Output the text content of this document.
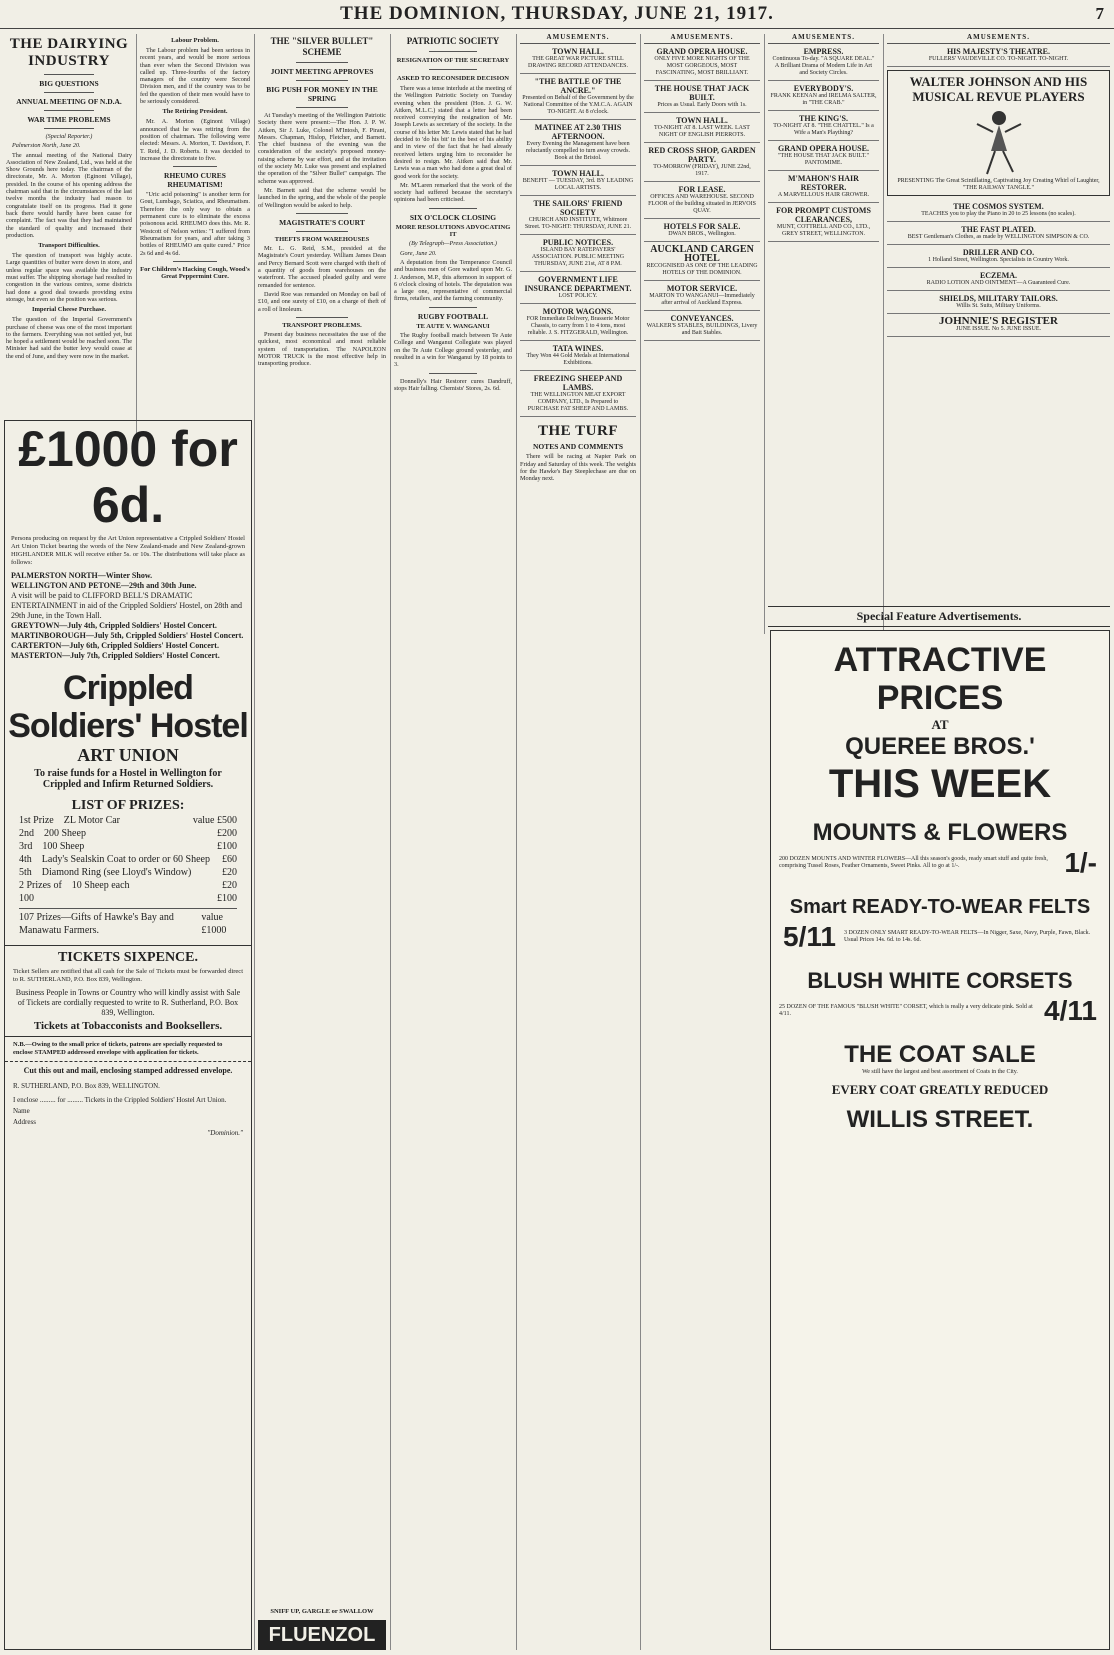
THE DOMINION, THURSDAY, JUNE 21, 1917.	7
THE DAIRYING INDUSTRY
BIG QUESTIONS
ANNUAL MEETING OF N.D.A.
WAR TIME PROBLEMS
(Special Reporter.)
Palmerston North, June 20.
The annual meeting of the National Dairy Association of New Zealand, Ltd., was held at the Show Grounds here today. The chairman of the directorate, Mr. A. Morton (Eginont Village), presided. In the course of his opening address the chairman said that in the circumstances of the last twelve months the industry had reason to congratulate itself on its progress. Had it gone back there would hardly have been cause for complaint. The fact was that they had maintained the standard of quality and increased their production.
Transport Difficulties.
The question of transport was highly acute. Large quantities of butter were down in store, and unless regular space was available the industry must suffer. The shipping shortage had resulted in congestion in the various centres, some districts had done a good deal towards providing extra storage, but even so the position was serious.
Imperial Cheese Purchase.
The question of the Imperial Government's purchase of cheese was one of the most important to the farmers. Everything was not settled yet, but he hoped a settlement would be reached soon. The Minister had said the butter levy would cease at the end of June, and they were now in the market.
Labour Problem.
The Labour problem had been serious in recent years, and would be more serious than ever when the Second Division was called up. Three-fourths of the factory managers of the country were Second Division men, and if the country was to be fed the question of their men would have to be seriously considered.
The Retiring President.
Mr. A. Morton (Eginont Village) announced that he was retiring from the position of chairman. The following were elected: Messrs. A. Morton, T. Davidson, F. T. Reid, J. D. Roberts. It was decided to increase the directorate to five.
RHEUMO CURES RHEUMATISM!
"Uric acid poisoning" is another term for Gout, Lumbago, Sciatica, and Rheumatism. Therefore the only way to obtain a permanent cure is to eliminate the excess poisonous acid. RHEUMO does this. Mr. R. Westcott of Nelson writes: "I suffered from Rheumatism for years, and after taking 3 bottles of RHEUMO am quite cured." Price 2s 6d and 4s 6d.
For Children's Hacking Cough, Wood's Great Peppermint Cure.
£1000 for 6d.
Persons producing on request by the Art Union representative a Crippled Soldiers' Hostel Art Union Ticket bearing the words of the New Zealand-made and New Zealand-grown HIGHLANDER MILK will receive either 5s. or 10s. The distributions will take place as follows:
PALMERSTON NORTH—Winter Show.
WELLINGTON AND PETONE—29th and 30th June.
A visit will be paid to CLIFFORD BELL'S DRAMATIC ENTERTAINMENT in aid of the Crippled Soldiers' Hostel, on 28th and 29th June, in the Town Hall.
GREYTOWN—July 4th, Crippled Soldiers' Hostel Concert.
MARTINBOROUGH—July 5th, Crippled Soldiers' Hostel Concert.
CARTERTON—July 6th, Crippled Soldiers' Hostel Concert.
MASTERTON—July 7th, Crippled Soldiers' Hostel Concert.
Crippled Soldiers' Hostel
ART UNION
To raise funds for a Hostel in Wellington for Crippled and Infirm Returned Soldiers.
LIST OF PRIZES:
1st Prize	ZL Motor Car	value £500
2nd	200 Sheep	£200
3rd	100 Sheep	£100
4th	Lady's Sealskin Coat to order or 60 Sheep	£60
5th	Diamond Ring (see Lloyd's Window)	£20
2 Prizes of	10 Sheep each	£20
100	£100
107 Prizes—Gifts of Hawke's Bay and Manawatu Farmers.
value £1000
TICKETS SIXPENCE.
Ticket Sellers are notified that all cash for the Sale of Tickets must be forwarded direct to R. SUTHERLAND, P.O. Box 839, Wellington.
Business People in Towns or Country who will kindly assist with Sale of Tickets are cordially requested to write to R. Sutherland, P.O. Box 839, Wellington.
Tickets at Tobacconists and Booksellers.
N.B.—Owing to the small price of tickets, patrons are specially requested to enclose STAMPED addressed envelope with application for tickets.
Cut this out and mail, enclosing stamped addressed envelope.
R. SUTHERLAND, P.O. Box 839, WELLINGTON.
I enclose ......... for ......... Tickets in the Crippled Soldiers' Hostel Art Union.
Name
Address
"Dominion."
THE "SILVER BULLET" SCHEME
JOINT MEETING APPROVES
BIG PUSH FOR MONEY IN THE SPRING
At Tuesday's meeting of the Wellington Patriotic Society there were present:—The Hon. J. P. W. Aitken, Sir J. Luke, Colonel M'Intosh, F. Pirani, Messrs. Chapman, Hislop, Fletcher, and Barnett. The chief business of the evening was the consideration of the society's proposed money-raising scheme by war effort, and at the invitation of the society Mr. Luke was present and explained the operation of the "Silver Bullet" campaign. The scheme was approved.
Mr. Barnett said that the scheme would be launched in the spring, and the whole of the people of Wellington would be asked to help.
MAGISTRATE'S COURT
THEFTS FROM WAREHOUSES
Mr. L. G. Reid, S.M., presided at the Magistrate's Court yesterday. William James Dean and Percy Bernard Scott were charged with theft of a quantity of goods from warehouses on the waterfront. The accused pleaded guilty and were remanded for sentence.
David Roe was remanded on Monday on bail of £10, and one surety of £10, on a charge of theft of a roll of linoleum.
TRANSPORT PROBLEMS.
Present day business necessitates the use of the quickest, most economical and most reliable system of transportation. The NAPOLEON MOTOR TRUCK is the most effective help in transporting produce.
SNIFF UP, GARGLE or SWALLOW
FLUENZOL
PATRIOTIC SOCIETY
RESIGNATION OF THE SECRETARY
ASKED TO RECONSIDER DECISION
There was a tense interlude at the meeting of the Wellington Patriotic Society on Tuesday evening when the president (Hon. J. G. W. Aitken, M.L.C.) stated that a letter had been received conveying the resignation of Mr. Joseph Lewis as secretary of the society. In the course of his letter Mr. Lewis stated that he had decided to 'do his bit' in the best of his ability and in view of the fact that he had already received letters urging him to reconsider he desired to resign. Mr. Aitken said that Mr. Lewis was a man who had done a great deal of good work for the society.
Mr. M'Laren remarked that the work of the society had suffered because the secretary's opinions had been criticised.
SIX O'CLOCK CLOSING
MORE RESOLUTIONS ADVOCATING IT
(By Telegraph—Press Association.)
Gore, June 20.
A deputation from the Temperance Council and business men of Gore waited upon Mr. G. J. Anderson, M.P., this afternoon in support of 6 o'clock closing of hotels. The deputation was a large one, representative of commercial firms, retailers, and the farming community.
RUGBY FOOTBALL
TE AUTE V. WANGANUI
The Rugby football match between Te Aute College and Wanganui Collegiate was played on the Te Aute College ground yesterday, and resulted in a win for Wanganui by 18 points to 3.
Donnelly's Hair Restorer cures Dandruff, stops Hair falling. Chemists' Stores, 2s. 6d.
AMUSEMENTS.
TOWN HALL.
THE GREAT WAR PICTURE STILL DRAWING RECORD ATTENDANCES.
"THE BATTLE OF THE ANCRE."
Presented on Behalf of the Government by the National Committee of the Y.M.C.A. AGAIN TO-NIGHT. At 8 o'clock.
MATINEE AT 2.30 THIS AFTERNOON.
Every Evening the Management have been reluctantly compelled to turn away crowds. Book at the Bristol.
TOWN HALL.
BENEFIT — TUESDAY, 3rd. BY LEADING LOCAL ARTISTS.
THE SAILORS' FRIEND SOCIETY
CHURCH AND INSTITUTE, Whitmore Street. TO-NIGHT: THURSDAY, JUNE 21.
PUBLIC NOTICES.
ISLAND BAY RATEPAYERS' ASSOCIATION. PUBLIC MEETING THURSDAY, JUNE 21st, AT 8 P.M.
GOVERNMENT LIFE INSURANCE DEPARTMENT.
LOST POLICY.
MOTOR WAGONS.
FOR Immediate Delivery, Brasserie Motor Chassis, to carry from 1 to 4 tons, most reliable. J. S. FITZGERALD, Wellington.
TATA WINES.
They Won 44 Gold Medals at International Exhibitions.
FREEZING SHEEP AND LAMBS.
THE WELLINGTON MEAT EXPORT COMPANY, LTD., Is Prepared to PURCHASE FAT SHEEP AND LAMBS.
THE TURF
NOTES AND COMMENTS
There will be racing at Napier Park on Friday and Saturday of this week. The weights for the Hawke's Bay Steeplechase are due on Monday next.
AMUSEMENTS.
GRAND OPERA HOUSE.
ONLY FIVE MORE NIGHTS OF THE MOST GORGEOUS, MOST FASCINATING, MOST BRILLIANT.
THE HOUSE THAT JACK BUILT.
Prices as Usual. Early Doors with 1s.
TOWN HALL.
TO-NIGHT AT 8. LAST WEEK. LAST NIGHT OF ENGLISH PIERROTS.
RED CROSS SHOP, GARDEN PARTY.
TO-MORROW (FRIDAY), JUNE 22nd, 1917.
FOR LEASE.
OFFICES AND WAREHOUSE. SECOND FLOOR of the building situated in JERVOIS QUAY.
HOTELS FOR SALE.
DWAN BROS., Wellington.
AUCKLAND CARGEN HOTEL
RECOGNISED AS ONE OF THE LEADING HOTELS OF THE DOMINION.
MOTOR SERVICE.
MARTON TO WANGANUI—Immediately after arrival of Auckland Express.
CONVEYANCES.
WALKER'S STABLES, BUILDINGS, Livery and Bait Stables.
AMUSEMENTS.
EMPRESS.
Continuous To-day. "A SQUARE DEAL." A Brilliant Drama of Modern Life in Art and Society Circles.
EVERYBODY'S.
FRANK KEENAN and IRELMA SALTER, in "THE CRAB."
THE KING'S.
TO-NIGHT AT 8. "THE CHATTEL." Is a Wife a Man's Plaything?
GRAND OPERA HOUSE.
"THE HOUSE THAT JACK BUILT." PANTOMIME.
M'MAHON'S HAIR RESTORER.
A MARVELLOUS HAIR GROWER.
FOR PROMPT CUSTOMS CLEARANCES,
MUNT, COTTRELL AND CO., LTD., GREY STREET, WELLINGTON.
AMUSEMENTS.
HIS MAJESTY'S THEATRE.
FULLERS' VAUDEVILLE CO. TO-NIGHT. TO-NIGHT.
WALTER JOHNSON AND HIS MUSICAL REVUE PLAYERS
PRESENTING The Great Scintillating, Captivating Joy Creating Whirl of Laughter, "THE RAILWAY TANGLE."
THE COSMOS SYSTEM.
TEACHES you to play the Piano in 20 to 25 lessons (no scales).
THE FAST PLATED.
BEST Gentleman's Clothes, as made by WELLINGTON SIMPSON & CO.
DRILLER AND CO.
1 Holland Street, Wellington. Specialists in Country Work.
ECZEMA.
RADIO LOTION AND OINTMENT—A Guaranteed Cure.
SHIELDS, MILITARY TAILORS.
Willis St. Suits, Military Uniforms.
JOHNNIE'S REGISTER
JUNE ISSUE. No 5. JUNE ISSUE.
Special Feature Advertisements.
ATTRACTIVE
PRICES
AT
QUEREE BROS.'
THIS WEEK
MOUNTS & FLOWERS
200 DOZEN MOUNTS AND WINTER FLOWERS—All this season's goods, ready smart stuff and quite fresh, comprising Tussel Roses, Feather Ornaments, Sweet Pinks. All to go at 1/-.	1/-
Smart READY-TO-WEAR FELTS
5/11	3 DOZEN ONLY SMART READY-TO-WEAR FELTS—In Nigger, Saxe, Navy, Purple, Fawn, Black. Usual Prices 14s. 6d. to 14s. 6d.
BLUSH WHITE CORSETS
25 DOZEN OF THE FAMOUS "BLUSH WHITE" CORSET, which is really a very delicate pink. Sold at 4/11.	4/11
THE COAT SALE
We still have the largest and best assortment of Coats in the City.
EVERY COAT GREATLY REDUCED
WILLIS STREET.
